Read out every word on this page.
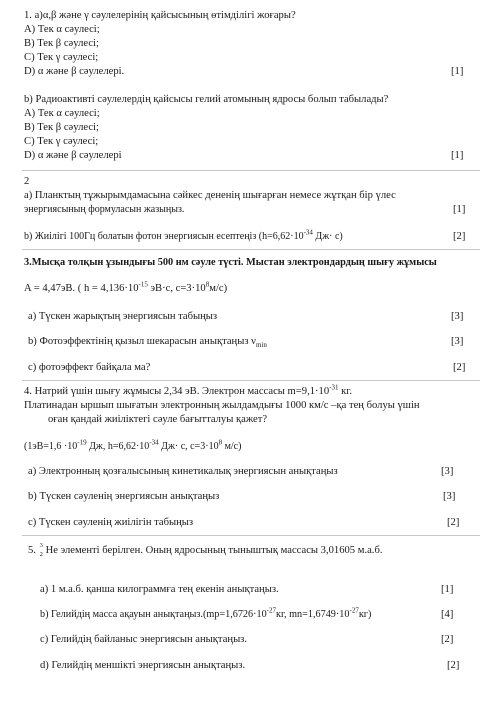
1. a)α,β және γ сәулелерінің қайсысының өтімділігі жоғары?
A) Тек α сәулесі;
B) Тек β сәулесі;
C) Тек γ сәулесі;
D) α және β сәулелері.	[1]
b) Радиоактивті сәулелердің қайсысы гелий атомының ядросы болып табылады?
A) Тек α сәулесі;
B) Тек β сәулесі;
C) Тек γ сәулесі;
D) α және β сәулелері	[1]
2
a) Планктың тұжырымдамасына сәйкес дененің шығарған немесе жұтқан бір үлес
энергиясының формуласын жазыңыз.	[1]
b) Жиілігі 100Гц болатын фотон энергиясын есептеңіз ($h=6,62\cdot 10^{-34}$ Дж· с)	[2]
3.Мысқа толқын ұзындығы 500 нм сәуле түсті. Мыстан электрондардың шығу жұмысы
A = 4,47эВ. ( $h = 4,136\cdot 10^{-15}$ эВ·с, $c=3\cdot 10^8м/с$)
a) Түскен жарықтың энергиясын табыңыз	[3]
b) Фотоэффектінің қызыл шекарасын анықтаңыз $\nu_{min}$	[3]
c) фотоэффект байқала ма?	[2]
4. Натрий үшін шығу жұмысы 2,34 эВ. Электрон массасы $m=9,1\cdot 10^{-31}$ кг.
Платинадан ыршып шығатын электронның жылдамдығы 1000 км/с –қа тең болуы үшін
оған қандай жиіліктегі сәуле бағытталуы қажет?
($1эВ=1,6 \cdot 10^{-19}$ Дж, $h=6,62\cdot 10^{-34}$ Дж· с, $c=3\cdot 10^8$ м/с)
a) Электронның қозғалысының кинетикалық энергиясын анықтаңыз	[3]
b) Түскен сәуленің энергиясын анықтаңыз	[3]
c) Түскен сәуленің жиілігін табыңыз	[2]
5. 3
2 He элементі берілген. Оның ядросының тыныштық массасы 3,01605 м.а.б.
a) 1 м.а.б. қанша килограммға тең екенін анықтаңыз.	[1]
b) Гелийдің масса ақауын $анықтаңыз.(mp=1,6726\cdot 10^{-27}кг$, $mn=1,6749\cdot 10^{-27}кг$)	[4]
c) Гелийдің байланыс энергиясын анықтаңыз.	[2]
d) Гелийдің меншікті энергиясын анықтаңыз.	[2]
